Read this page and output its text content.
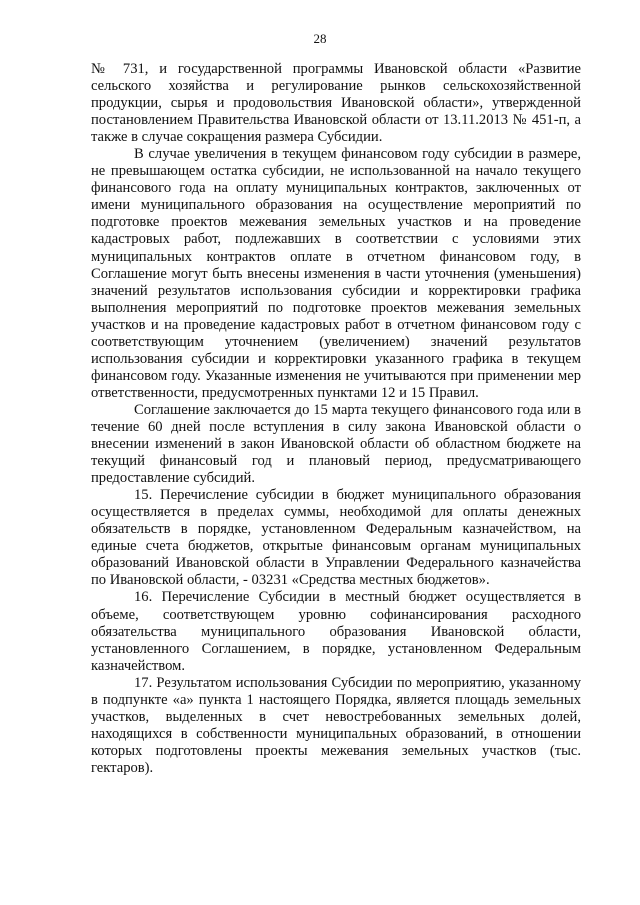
28

№ 731, и государственной программы Ивановской области «Развитие сельского хозяйства и регулирование рынков сельскохозяйственной продукции, сырья и продовольствия Ивановской области», утвержденной постановлением Правительства Ивановской области от 13.11.2013 № 451-п, а также в случае сокращения размера Субсидии.

В случае увеличения в текущем финансовом году субсидии в размере, не превышающем остатка субсидии, не использованной на начало текущего финансового года на оплату муниципальных контрактов, заключенных от имени муниципального образования на осуществление мероприятий по подготовке проектов межевания земельных участков и на проведение кадастровых работ, подлежавших в соответствии с условиями этих муниципальных контрактов оплате в отчетном финансовом году, в Соглашение могут быть внесены изменения в части уточнения (уменьшения) значений результатов использования субсидии и корректировки графика выполнения мероприятий по подготовке проектов межевания земельных участков и на проведение кадастровых работ в отчетном финансовом году с соответствующим уточнением (увеличением) значений результатов использования субсидии и корректировки указанного графика в текущем финансовом году. Указанные изменения не учитываются при применении мер ответственности, предусмотренных пунктами 12 и 15 Правил.

Соглашение заключается до 15 марта текущего финансового года или в течение 60 дней после вступления в силу закона Ивановской области о внесении изменений в закон Ивановской области об областном бюджете на текущий финансовый год и плановый период, предусматривающего предоставление субсидий.

15. Перечисление субсидии в бюджет муниципального образования осуществляется в пределах суммы, необходимой для оплаты денежных обязательств в порядке, установленном Федеральным казначейством, на единые счета бюджетов, открытые финансовым органам муниципальных образований Ивановской области в Управлении Федерального казначейства по Ивановской области, - 03231 «Средства местных бюджетов».

16. Перечисление Субсидии в местный бюджет осуществляется в объеме, соответствующем уровню софинансирования расходного обязательства муниципального образования Ивановской области, установленного Соглашением, в порядке, установленном Федеральным казначейством.

17. Результатом использования Субсидии по мероприятию, указанному в подпункте «а» пункта 1 настоящего Порядка, является площадь земельных участков, выделенных в счет невостребованных земельных долей, находящихся в собственности муниципальных образований, в отношении которых подготовлены проекты межевания земельных участков (тыс. гектаров).
